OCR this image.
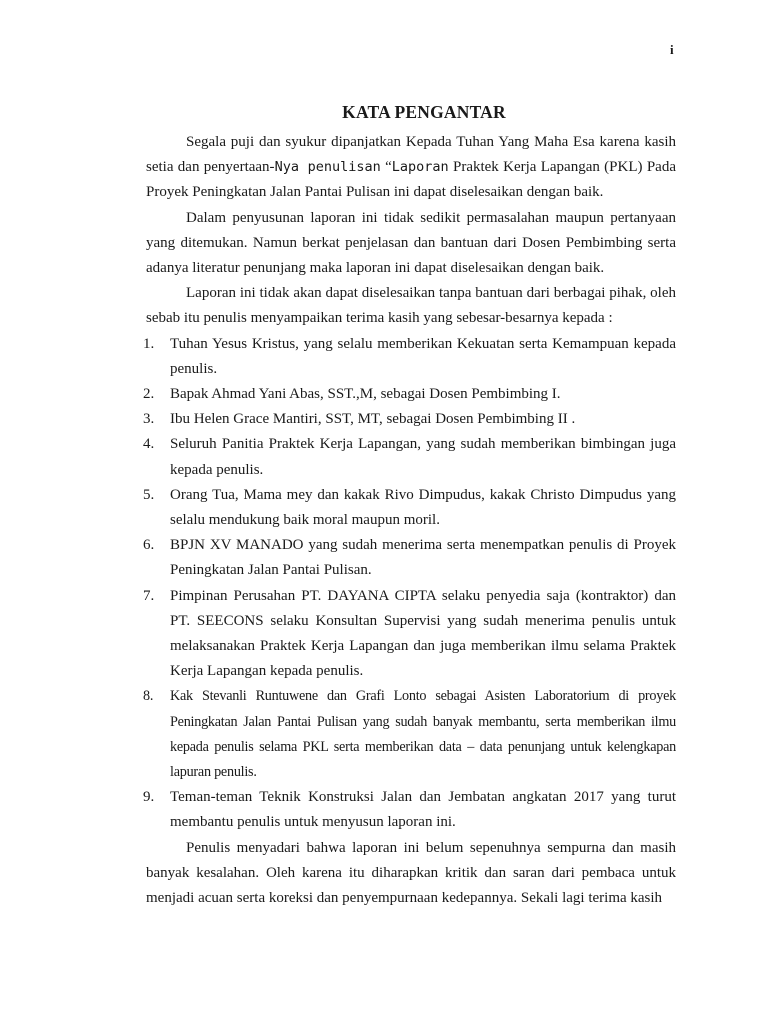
i
KATA PENGANTAR

Segala puji dan syukur dipanjatkan Kepada Tuhan Yang Maha Esa karena kasih setia dan penyertaan-Nya penulisan “Laporan Praktek Kerja Lapangan (PKL) Pada Proyek Peningkatan Jalan Pantai Pulisan ini dapat diselesaikan dengan baik.

Dalam penyusunan laporan ini tidak sedikit permasalahan maupun pertanyaan yang ditemukan. Namun berkat penjelasan dan bantuan dari Dosen Pembimbing serta adanya literatur penunjang maka laporan ini dapat diselesaikan dengan baik.

Laporan ini tidak akan dapat diselesaikan tanpa bantuan dari berbagai pihak, oleh sebab itu penulis menyampaikan terima kasih yang sebesar-besarnya kepada :

1. Tuhan Yesus Kristus, yang selalu memberikan Kekuatan serta Kemampuan kepada penulis.
2. Bapak Ahmad Yani Abas, SST.,M, sebagai Dosen Pembimbing I.
3. Ibu Helen Grace Mantiri, SST, MT, sebagai Dosen Pembimbing II .
4. Seluruh Panitia Praktek Kerja Lapangan, yang sudah memberikan bimbingan juga kepada penulis.
5. Orang Tua, Mama mey dan kakak Rivo Dimpudus, kakak Christo Dimpudus yang selalu mendukung baik moral maupun moril.
6. BPJN XV MANADO yang sudah menerima serta menempatkan penulis di Proyek Peningkatan Jalan Pantai Pulisan.
7. Pimpinan Perusahan PT. DAYANA CIPTA selaku penyedia saja (kontraktor) dan PT. SEECONS selaku Konsultan Supervisi yang sudah menerima penulis untuk melaksanakan Praktek Kerja Lapangan dan juga memberikan ilmu selama Praktek Kerja Lapangan kepada penulis.
8. Kak Stevanli Runtuwene dan Grafi Lonto sebagai Asisten Laboratorium di proyek Peningkatan Jalan Pantai Pulisan yang sudah banyak membantu, serta memberikan ilmu kepada penulis selama PKL serta memberikan data – data penunjang untuk kelengkapan lapuran penulis.
9. Teman-teman Teknik Konstruksi Jalan dan Jembatan angkatan 2017 yang turut membantu penulis untuk menyusun laporan ini.

Penulis menyadari bahwa laporan ini belum sepenuhnya sempurna dan masih banyak kesalahan. Oleh karena itu diharapkan kritik dan saran dari pembaca untuk menjadi acuan serta koreksi dan penyempurnaan kedepannya. Sekali lagi terima kasih
